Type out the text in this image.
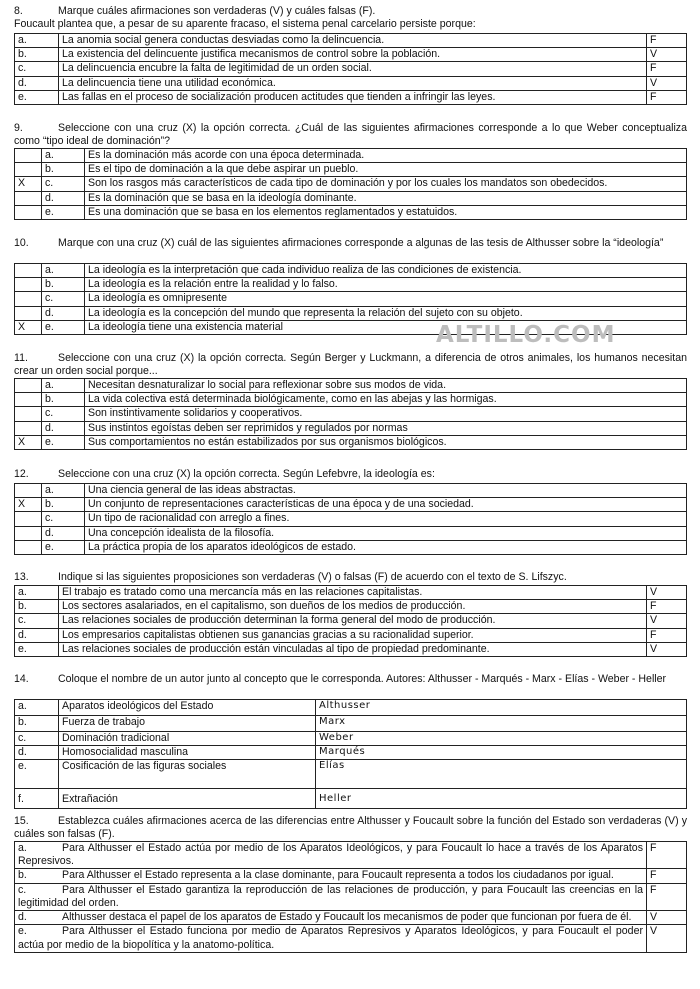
8.	Marque cuáles afirmaciones son verdaderas (V) y cuáles falsas (F).
Foucault plantea que, a pesar de su aparente fracaso, el sistema penal carcelario persiste porque:
a.	La anomia social genera conductas desviadas como la delincuencia.	F
b.	La existencia del delincuente justifica mecanismos de control sobre la población.	V
c.	La delincuencia encubre la falta de legitimidad de un orden social.	F
d.	La delincuencia tiene una utilidad económica.	V
e.	Las fallas en el proceso de socialización producen actitudes que tienden a infringir las leyes.	F
9.	Seleccione con una cruz (X) la opción correcta. ¿Cuál de las siguientes afirmaciones corresponde a lo que Weber conceptualiza como “tipo ideal de dominación”?
	a.	Es la dominación más acorde con una época determinada.
	b.	Es el tipo de dominación a la que debe aspirar un pueblo.
X	c.	Son los rasgos más característicos de cada tipo de dominación y por los cuales los mandatos son obedecidos.
	d.	Es la dominación que se basa en la ideología dominante.
	e.	Es una dominación que se basa en los elementos reglamentados y estatuidos.
10.	Marque con una cruz (X) cuál de las siguientes afirmaciones corresponde a algunas de las tesis de Althusser sobre la “ideología”
	a.	La ideología es la interpretación que cada individuo realiza de las condiciones de existencia.
	b.	La ideología es la relación entre la realidad y lo falso.
	c.	La ideología es omnipresente
	d.	La ideología es la concepción del mundo que representa la relación del sujeto con su objeto.
X	e.	La ideología tiene una existencia material	ALTILLO.COM
11.	Seleccione con una cruz (X) la opción correcta. Según Berger y Luckmann, a diferencia de otros animales, los humanos necesitan crear un orden social porque...
	a.	Necesitan desnaturalizar lo social para reflexionar sobre sus modos de vida.
	b.	La vida colectiva está determinada biológicamente, como en las abejas y las hormigas.
	c.	Son instintivamente solidarios y cooperativos.
	d.	Sus instintos egoístas deben ser reprimidos y regulados por normas
X	e.	Sus comportamientos no están estabilizados por sus organismos biológicos.
12.	Seleccione con una cruz (X) la opción correcta. Según Lefebvre, la ideología es:
	a.	Una ciencia general de las ideas abstractas.
X	b.	Un conjunto de representaciones características de una época y de una sociedad.
	c.	Un tipo de racionalidad con arreglo a fines.
	d.	Una concepción idealista de la filosofía.
	e.	La práctica propia de los aparatos ideológicos de estado.
13.	Indique si las siguientes proposiciones son verdaderas (V) o falsas (F) de acuerdo con el texto de S. Lifszyc.
a.	El trabajo es tratado como una mercancía más en las relaciones capitalistas.	V
b.	Los sectores asalariados, en el capitalismo, son dueños de los medios de producción.	F
c.	Las relaciones sociales de producción determinan la forma general del modo de producción.	V
d.	Los empresarios capitalistas obtienen sus ganancias gracias a su racionalidad superior.	F
e.	Las relaciones sociales de producción están vinculadas al tipo de propiedad predominante.	V
14.	Coloque el nombre de un autor junto al concepto que le corresponda. Autores: Althusser - Marqués - Marx - Elías - Weber - Heller
a.	Aparatos ideológicos del Estado	Althusser
b.	Fuerza de trabajo	Marx
c.	Dominación tradicional	Weber
d.	Homosocialidad masculina	Marqués
e.	Cosificación de las figuras sociales	Elías
f.	Extrañación	Heller
15.	Establezca cuáles afirmaciones acerca de las diferencias entre Althusser y Foucault sobre la función del Estado son verdaderas (V) y cuáles son falsas (F).
a. Para Althusser el Estado actúa por medio de los Aparatos Ideológicos, y para Foucault lo hace a través de los Aparatos Represivos.	F
b. Para Althusser el Estado representa a la clase dominante, para Foucault representa a todos los ciudadanos por igual.	F
c. Para Althusser el Estado garantiza la reproducción de las relaciones de producción, y para Foucault las creencias en la legitimidad del orden.	F
d. Althusser destaca el papel de los aparatos de Estado y Foucault los mecanismos de poder que funcionan por fuera de él.	V
e. Para Althusser el Estado funciona por medio de Aparatos Represivos y Aparatos Ideológicos, y para Foucault el poder actúa por medio de la biopolítica y la anatomo-política.	V
